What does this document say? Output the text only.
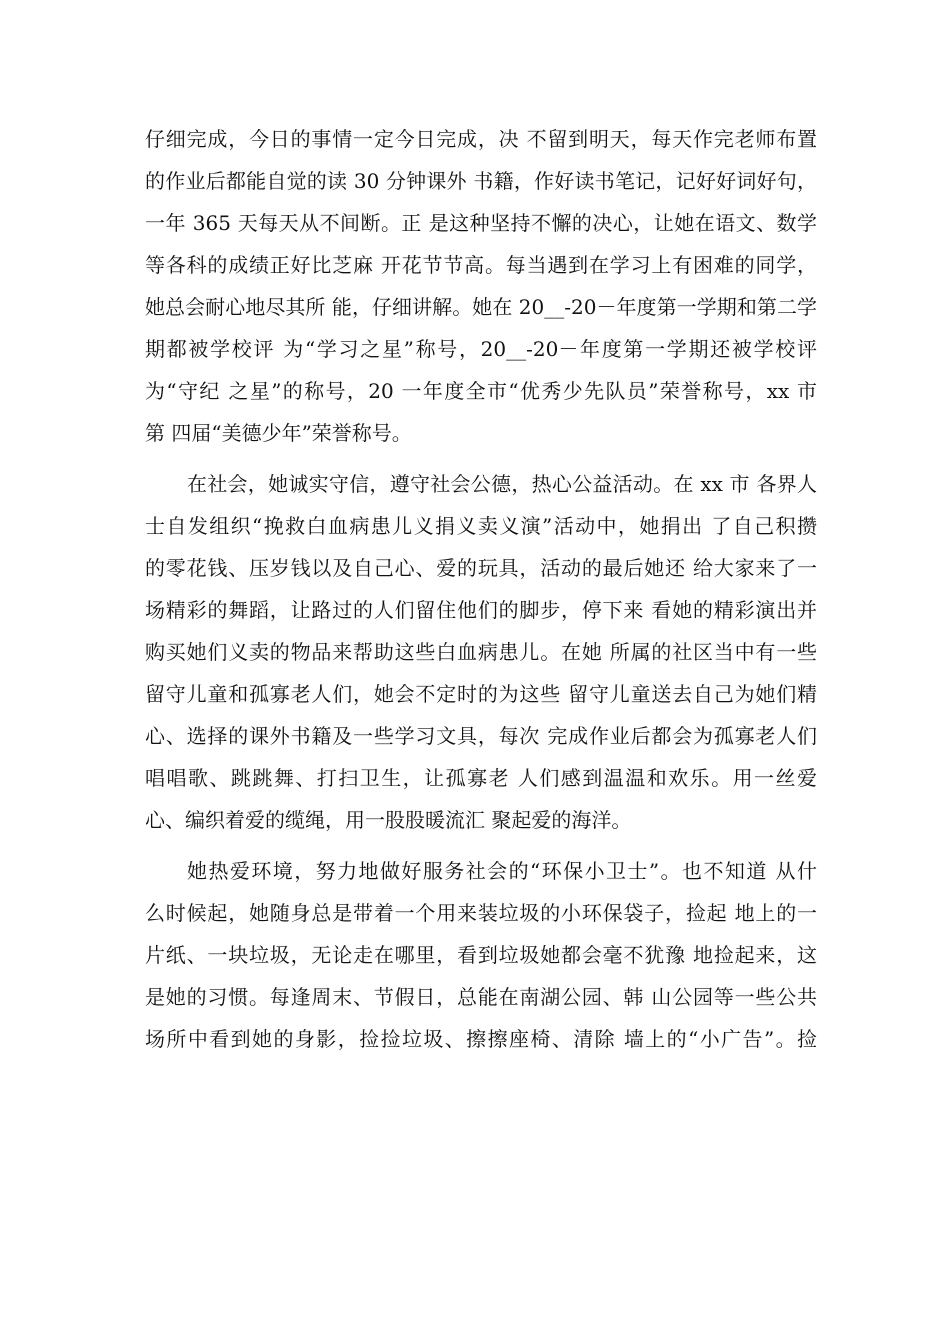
仔细完成，今日的事情一定今日完成，决 不留到明天，每天作完老师布置
的作业后都能自觉的读 30 分钟课外 书籍，作好读书笔记，记好好词好句，
一年 365 天每天从不间断。正 是这种坚持不懈的决心，让她在语文、数学
等各科的成绩正好比芝麻 开花节节高。每当遇到在学习上有困难的同学，
她总会耐心地尽其所 能，仔细讲解。她在 20__-20－年度第一学期和第二学
期都被学校评 为“学习之星”称号，20__-20－年度第一学期还被学校评
为“守纪 之星”的称号，20 一年度全市“优秀少先队员”荣誉称号，xx 市
第 四届“美德少年”荣誉称号。
在社会，她诚实守信，遵守社会公德，热心公益活动。在 xx 市 各界人
士自发组织“挽救白血病患儿义捐义卖义演”活动中，她捐出 了自己积攒
的零花钱、压岁钱以及自己心、爱的玩具，活动的最后她还 给大家来了一
场精彩的舞蹈，让路过的人们留住他们的脚步，停下来 看她的精彩演出并
购买她们义卖的物品来帮助这些白血病患儿。在她 所属的社区当中有一些
留守儿童和孤寡老人们，她会不定时的为这些 留守儿童送去自己为她们精
心、选择的课外书籍及一些学习文具，每次 完成作业后都会为孤寡老人们
唱唱歌、跳跳舞、打扫卫生，让孤寡老 人们感到温温和欢乐。用一丝爱
心、编织着爱的缆绳，用一股股暖流汇 聚起爱的海洋。
她热爱环境，努力地做好服务社会的“环保小卫士”。也不知道 从什
么时候起，她随身总是带着一个用来装垃圾的小环保袋子，捡起 地上的一
片纸、一块垃圾，无论走在哪里，看到垃圾她都会毫不犹豫 地捡起来，这
是她的习惯。每逢周末、节假日，总能在南湖公园、韩 山公园等一些公共
场所中看到她的身影，捡捡垃圾、擦擦座椅、清除 墙上的“小广告”。捡
